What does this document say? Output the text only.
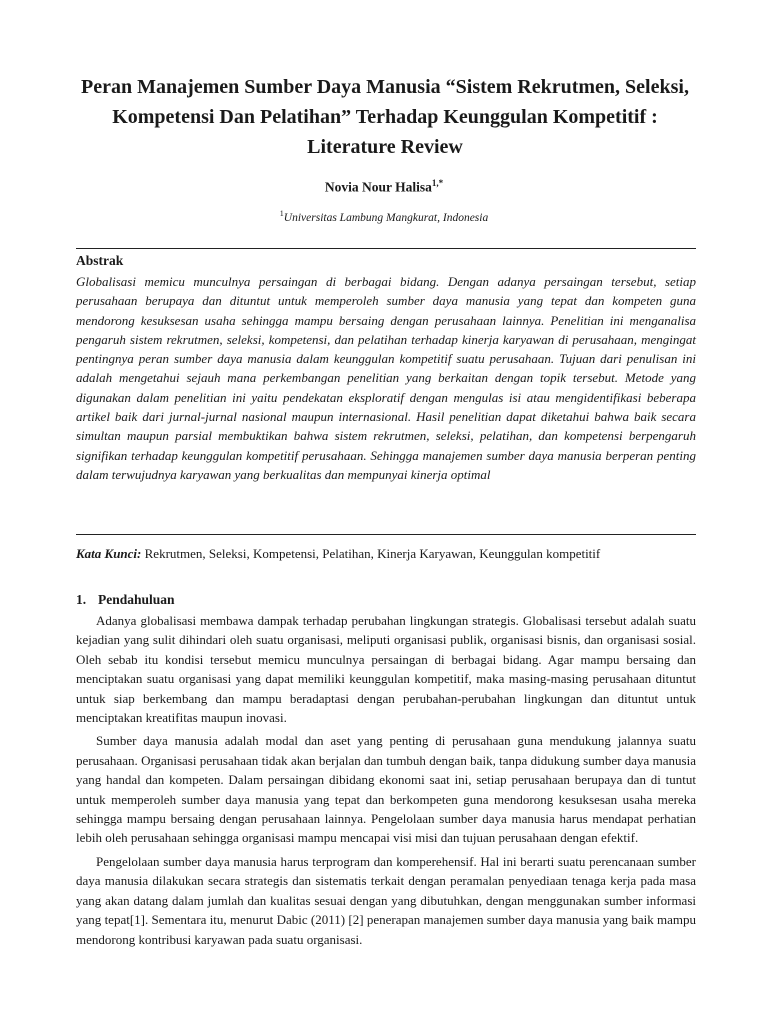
Peran Manajemen Sumber Daya Manusia “Sistem Rekrutmen, Seleksi, Kompetensi Dan Pelatihan” Terhadap Keunggulan Kompetitif : Literature Review
Novia Nour Halisa$^{1,*}$
$^1$Universitas Lambung Mangkurat, Indonesia
Abstrak

Globalisasi memicu munculnya persaingan di berbagai bidang. Dengan adanya persaingan tersebut, setiap perusahaan berupaya dan dituntut untuk memperoleh sumber daya manusia yang tepat dan kompeten guna mendorong kesuksesan usaha sehingga mampu bersaing dengan perusahaan lainnya. Penelitian ini menganalisa pengaruh sistem rekrutmen, seleksi, kompetensi, dan pelatihan terhadap kinerja karyawan di perusahaan, mengingat pentingnya peran sumber daya manusia dalam keunggulan kompetitif suatu perusahaan. Tujuan dari penulisan ini adalah mengetahui sejauh mana perkembangan penelitian yang berkaitan dengan topik tersebut. Metode yang digunakan dalam penelitian ini yaitu pendekatan eksploratif dengan mengulas isi atau mengidentifikasi beberapa artikel baik dari jurnal-jurnal nasional maupun internasional. Hasil penelitian dapat diketahui bahwa baik secara simultan maupun parsial membuktikan bahwa sistem rekrutmen, seleksi, pelatihan, dan kompetensi berpengaruh signifikan terhadap keunggulan kompetitif perusahaan. Sehingga manajemen sumber daya manusia berperan penting dalam terwujudnya karyawan yang berkualitas dan mempunyai kinerja optimal

Kata Kunci: Rekrutmen, Seleksi, Kompetensi, Pelatihan, Kinerja Karyawan, Keunggulan kompetitif
1. Pendahuluan

Adanya globalisasi membawa dampak terhadap perubahan lingkungan strategis. Globalisasi tersebut adalah suatu kejadian yang sulit dihindari oleh suatu organisasi, meliputi organisasi publik, organisasi bisnis, dan organisasi sosial. Oleh sebab itu kondisi tersebut memicu munculnya persaingan di berbagai bidang. Agar mampu bersaing dan menciptakan suatu organisasi yang dapat memiliki keunggulan kompetitif, maka masing-masing perusahaan dituntut untuk siap berkembang dan mampu beradaptasi dengan perubahan-perubahan lingkungan dan dituntut untuk menciptakan kreatifitas maupun inovasi.

Sumber daya manusia adalah modal dan aset yang penting di perusahaan guna mendukung jalannya suatu perusahaan. Organisasi perusahaan tidak akan berjalan dan tumbuh dengan baik, tanpa didukung sumber daya manusia yang handal dan kompeten. Dalam persaingan dibidang ekonomi saat ini, setiap perusahaan berupaya dan di tuntut untuk memperoleh sumber daya manusia yang tepat dan berkompeten guna mendorong kesuksesan usaha mereka sehingga mampu bersaing dengan perusahaan lainnya. Pengelolaan sumber daya manusia harus mendapat perhatian lebih oleh perusahaan sehingga organisasi mampu mencapai visi misi dan tujuan perusahaan dengan efektif.

Pengelolaan sumber daya manusia harus terprogram dan komperehensif. Hal ini berarti suatu perencanaan sumber daya manusia dilakukan secara strategis dan sistematis terkait dengan peramalan penyediaan tenaga kerja pada masa yang akan datang dalam jumlah dan kualitas sesuai dengan yang dibutuhkan, dengan menggunakan sumber informasi yang tepat[1]. Sementara itu, menurut Dabic (2011) [2] penerapan manajemen sumber daya manusia yang baik mampu mendorong kontribusi karyawan pada suatu organisasi.
